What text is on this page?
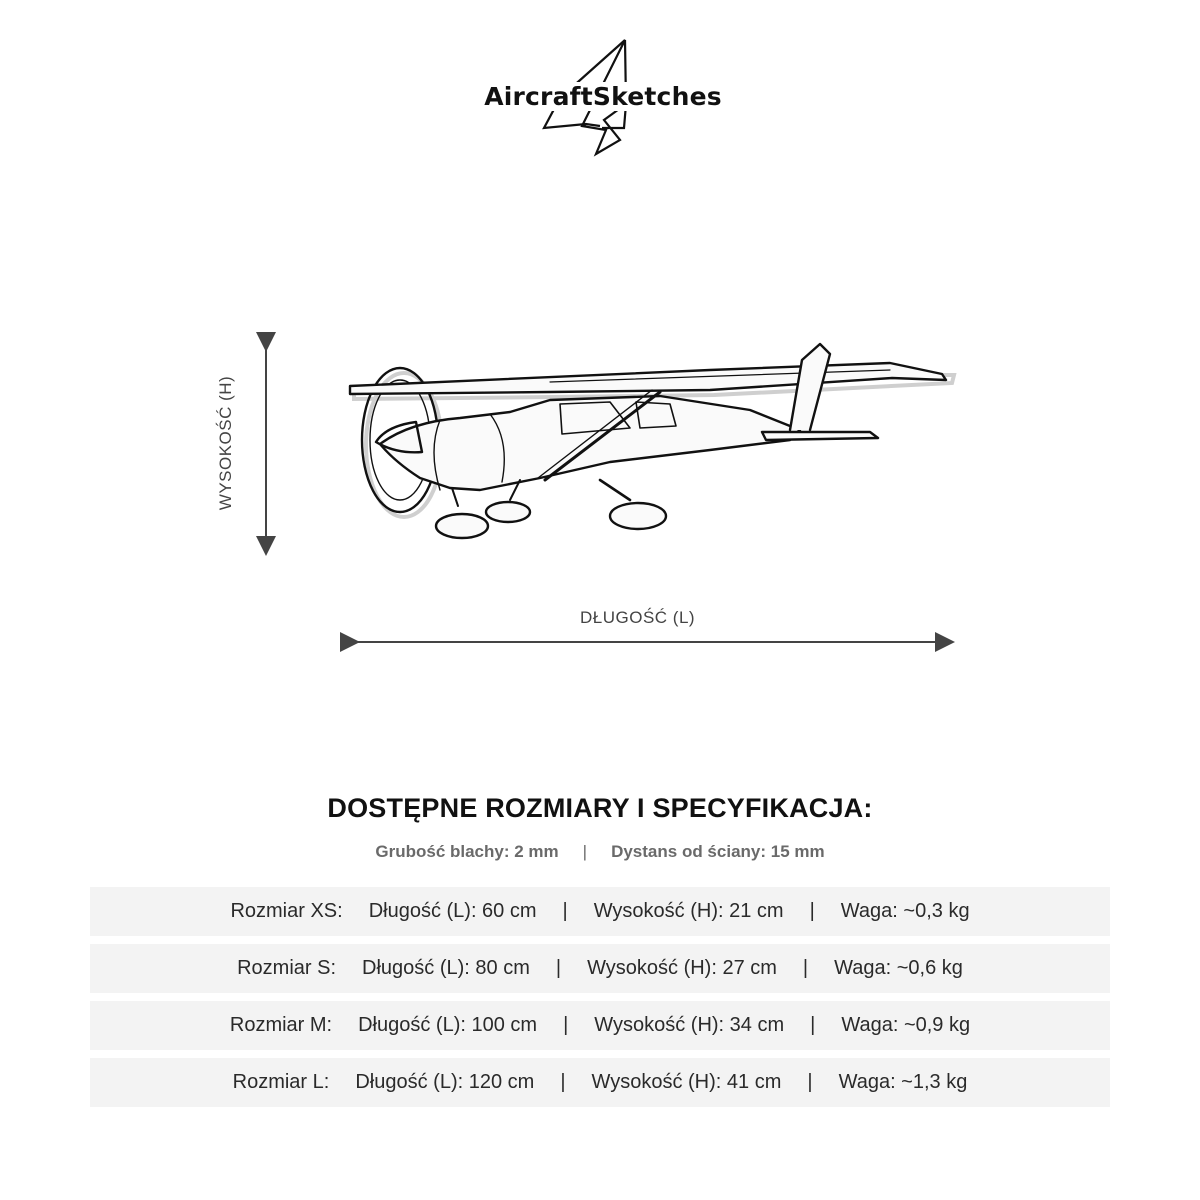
AircraftSketches
WYSOKOŚĆ (H)
DŁUGOŚĆ (L)
DOSTĘPNE ROZMIARY I SPECYFIKACJA:
Grubość blachy: 2 mm | Dystans od ściany: 15 mm
Rozmiar XS: Długość (L): 60 cm | Wysokość (H): 21 cm | Waga: ~0,3 kg
Rozmiar S: Długość (L): 80 cm | Wysokość (H): 27 cm | Waga: ~0,6 kg
Rozmiar M: Długość (L): 100 cm | Wysokość (H): 34 cm | Waga: ~0,9 kg
Rozmiar L: Długość (L): 120 cm | Wysokość (H): 41 cm | Waga: ~1,3 kg
